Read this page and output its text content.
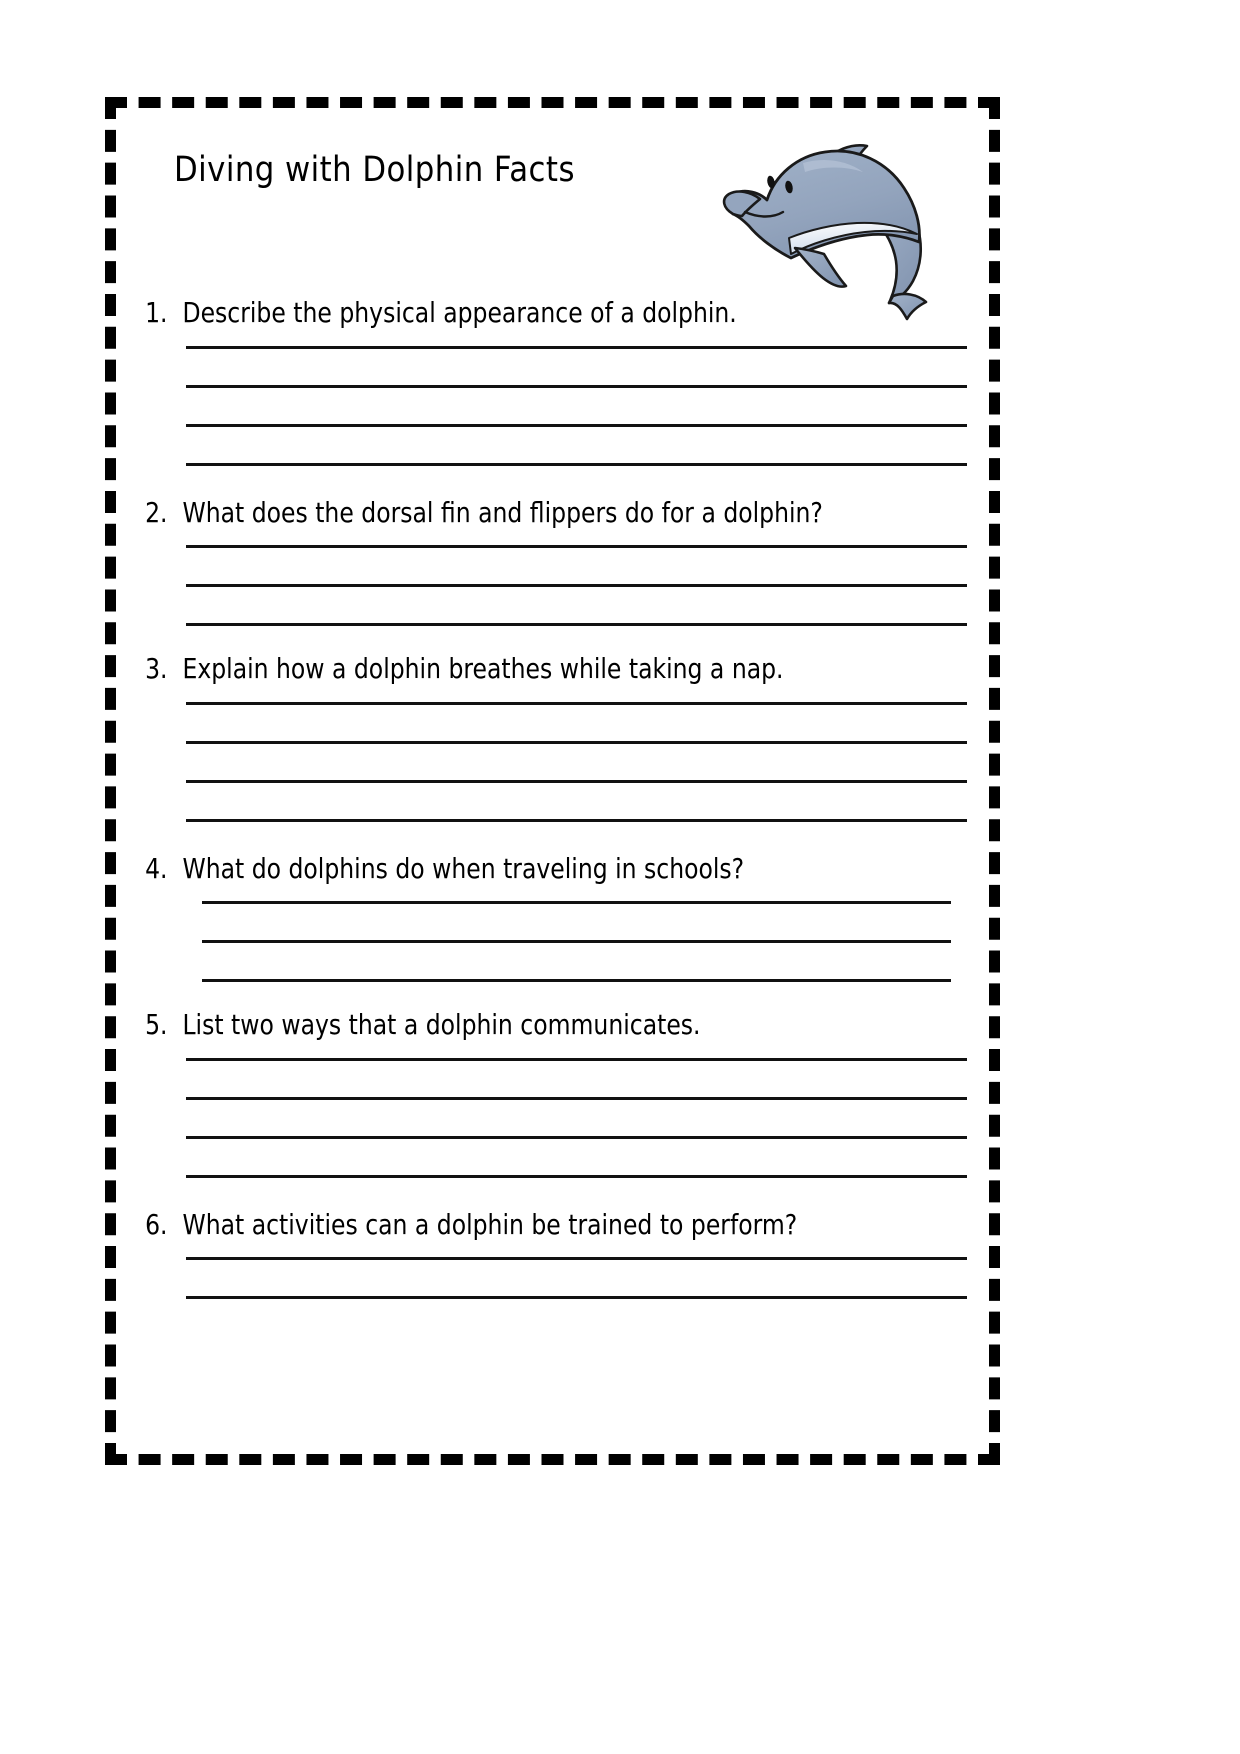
Diving with Dolphin Facts
1. Describe the physical appearance of a dolphin.
2. What does the dorsal fin and flippers do for a dolphin?
3. Explain how a dolphin breathes while taking a nap.
4. What do dolphins do when traveling in schools?
5. List two ways that a dolphin communicates.
6. What activities can a dolphin be trained to perform?
